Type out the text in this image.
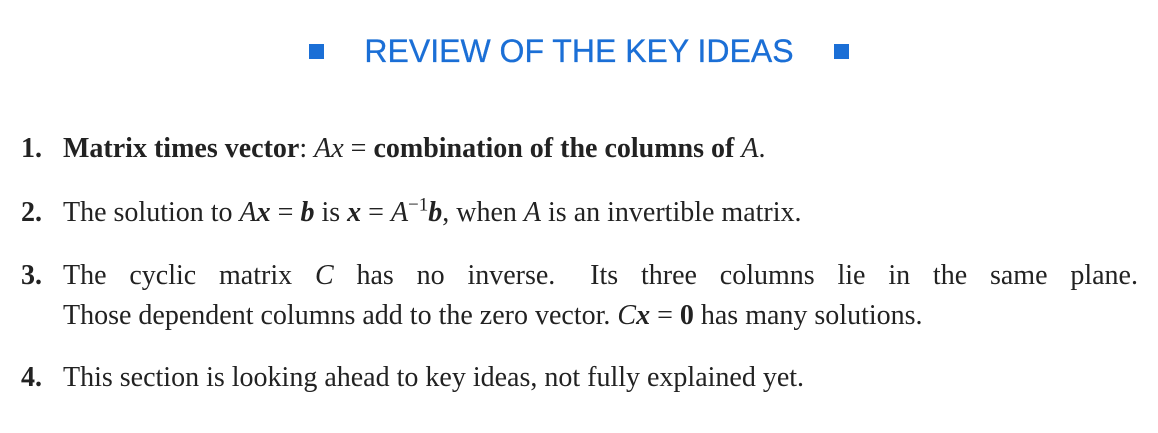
REVIEW OF THE KEY IDEAS
1. Matrix times vector: Ax = combination of the columns of A.
2. The solution to Ax = b is $x = A^{-1}b$, when A is an invertible matrix.
3. The cyclic matrix C has no inverse. Its three columns lie in the same plane.
Those dependent columns add to the zero vector. Cx = 0 has many solutions.
4. This section is looking ahead to key ideas, not fully explained yet.
